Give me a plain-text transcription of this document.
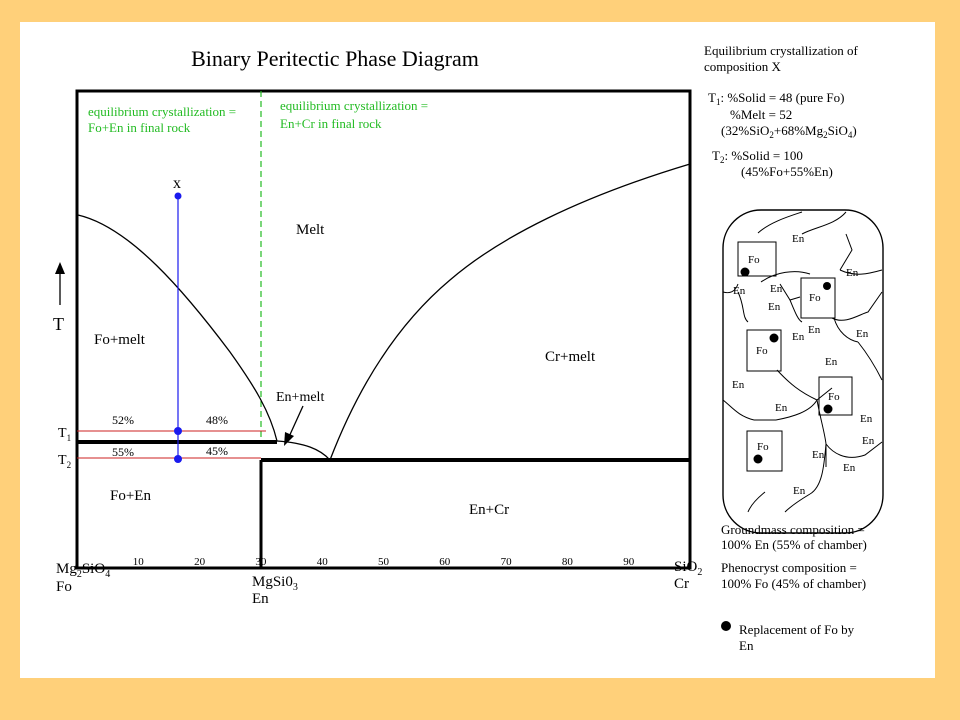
Binary Peritectic Phase Diagram
equilibrium crystallization =
Fo+En in final rock
equilibrium crystallization =
En+Cr in final rock
52%	48%
55%	45%
x
Melt
Fo+melt
Cr+melt
En+melt
Fo+En
En+Cr
T
$T_1$
$T_2$
10	20	30	40	50	60	70	80	90
$Mg_2SiO_4$
Fo	$MgSi0_3$
En
SiO$_2$
Cr
Equilibrium crystallization of
composition X
$T_1$: %Solid = 48 (pure Fo)
%Melt = 52
$(32\%SiO_2+68\%Mg_2SiO_4)$
$T_2$: %Solid = 100
(45%Fo+55%En)
Fo
Fo
Fo
Fo
Fo
En
En
En En
En
En
En	En
En
En
En
En
En
En
En
En
Groundmass composition =
100% En (55% of chamber)
Phenocryst composition =
100% Fo (45% of chamber)
Replacement of Fo by
En
